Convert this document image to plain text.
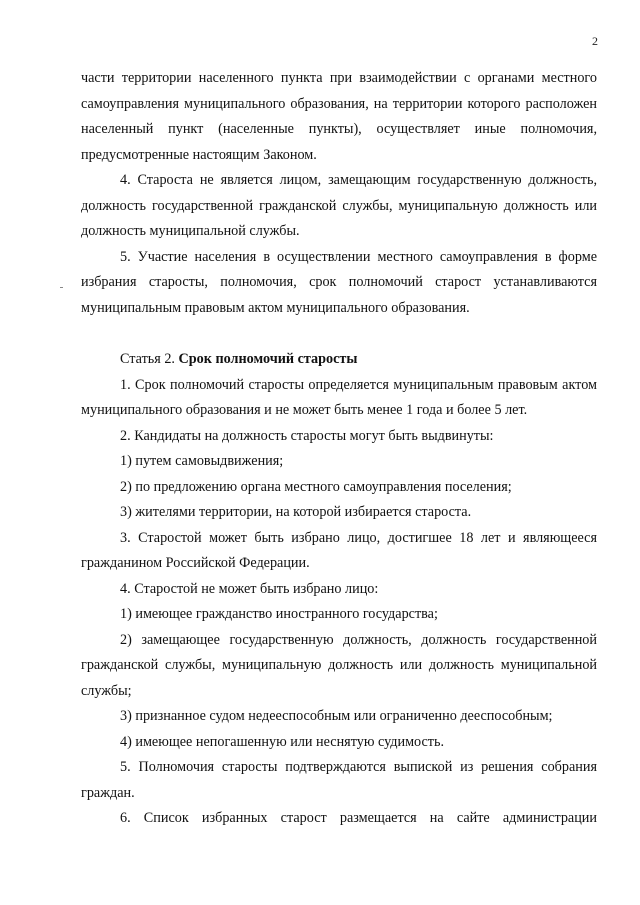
2

части территории населенного пункта при взаимодействии с органами местного самоуправления муниципального образования, на территории которого расположен населенный пункт (населенные пункты), осуществляет иные полномочия, предусмотренные настоящим Законом.

4. Староста не является лицом, замещающим государственную должность, должность государственной гражданской службы, муниципальную должность или должность муниципальной службы.

5. Участие населения в осуществлении местного самоуправления в форме избрания старосты, полномочия, срок полномочий старост устанавливаются муниципальным правовым актом муниципального образования.

Статья 2. Срок полномочий старосты

1. Срок полномочий старосты определяется муниципальным правовым актом муниципального образования и не может быть менее 1 года и более 5 лет.

2. Кандидаты на должность старосты могут быть выдвинуты:

1) путем самовыдвижения;

2) по предложению органа местного самоуправления поселения;

3) жителями территории, на которой избирается староста.

3. Старостой может быть избрано лицо, достигшее 18 лет и являющееся гражданином Российской Федерации.

4. Старостой не может быть избрано лицо:

1) имеющее гражданство иностранного государства;

2) замещающее государственную должность, должность государственной гражданской службы, муниципальную должность или должность муниципальной службы;

3) признанное судом недееспособным или ограниченно дееспособным;

4) имеющее непогашенную или неснятую судимость.

5. Полномочия старосты подтверждаются выпиской из решения собрания граждан.

6. Список избранных старост размещается на сайте администрации
